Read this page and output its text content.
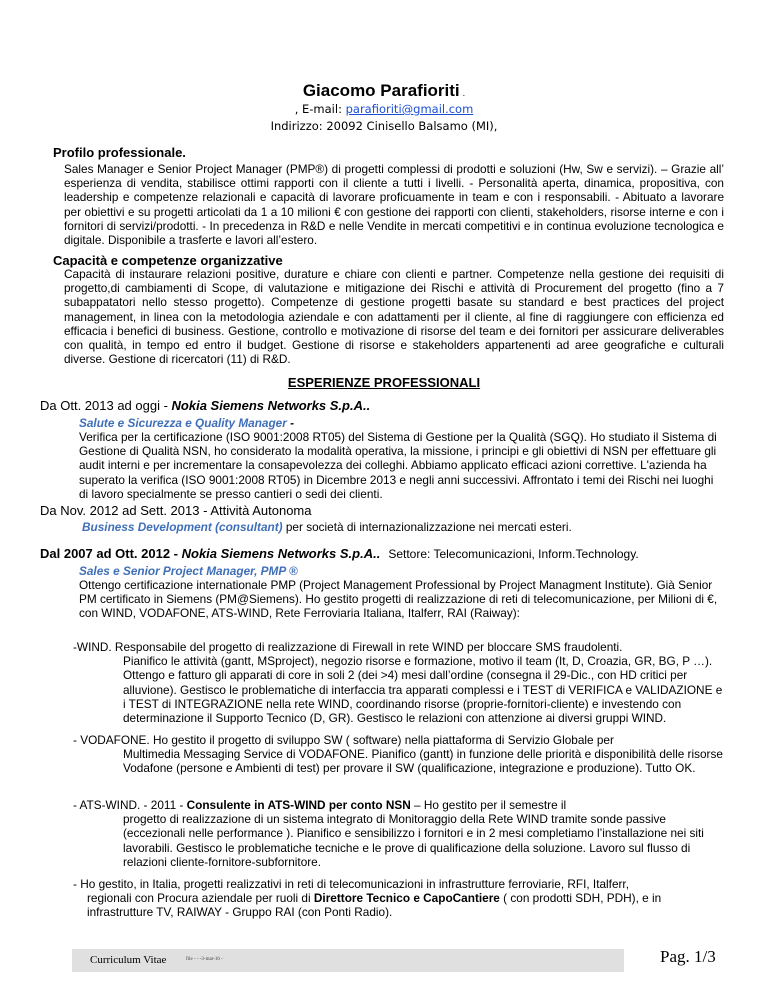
Giacomo Parafioriti .
, E-mail: parafioriti@gmail.com
Indirizzo: 20092 Cinisello Balsamo (MI),
Profilo professionale.
Sales Manager e Senior Project Manager (PMP®) di progetti complessi di prodotti e soluzioni (Hw, Sw e servizi). – Grazie all’ esperienza di vendita, stabilisce ottimi rapporti con il cliente a tutti i livelli. - Personalità aperta, dinamica, propositiva, con leadership e competenze relazionali e capacità di lavorare proficuamente in team e con i responsabili. - Abituato a lavorare per obiettivi e su progetti articolati da 1 a 10 milioni € con gestione dei rapporti con clienti, stakeholders, risorse interne e con i fornitori di servizi/prodotti. - In precedenza in R&D e nelle Vendite in mercati competitivi e in continua evoluzione tecnologica e digitale. Disponibile a trasferte e lavori all’estero.
Capacità e competenze organizzative
Capacità di instaurare relazioni positive, durature e chiare con clienti e partner. Competenze nella gestione dei requisiti di progetto,di cambiamenti di Scope, di valutazione e mitigazione dei Rischi e attività di Procurement del progetto (fino a 7 subappatatori nello stesso progetto). Competenze di gestione progetti basate su standard e best practices del project management, in linea con la metodologia aziendale e con adattamenti per il cliente, al fine di raggiungere con efficienza ed efficacia i benefici di business. Gestione, controllo e motivazione di risorse del team e dei fornitori per assicurare deliverables con qualità, in tempo ed entro il budget. Gestione di risorse e stakeholders appartenenti ad aree geografiche e culturali diverse. Gestione di ricercatori (11) di R&D.
ESPERIENZE PROFESSIONALI
Da Ott. 2013 ad oggi - Nokia Siemens Networks S.p.A..
Salute e Sicurezza e Quality Manager -
Verifica per la certificazione (ISO 9001:2008 RT05) del Sistema di Gestione per la Qualità (SGQ). Ho studiato il Sistema di Gestione di Qualità NSN, ho considerato la modalità operativa, la missione, i principi e gli obiettivi di NSN per effettuare gli audit interni e per incrementare la consapevolezza dei colleghi. Abbiamo applicato efficaci azioni correttive. L'azienda ha superato la verifica (ISO 9001:2008 RT05) in Dicembre 2013 e negli anni successivi. Affrontato i temi dei Rischi nei luoghi di lavoro specialmente se presso cantieri o sedi dei clienti.
Da Nov. 2012 ad Sett. 2013 - Attività Autonoma
Business Development (consultant) per società di internazionalizzazione nei mercati esteri.
Dal 2007 ad Ott. 2012 - Nokia Siemens Networks S.p.A.. Settore: Telecomunicazioni, Inform.Technology.
Sales e Senior Project Manager, PMP ®
Ottengo certificazione internationale PMP (Project Management Professional by Project Managment Institute). Già Senior PM certificato in Siemens (PM@Siemens). Ho gestito progetti di realizzazione di reti di telecomunicazione, per Milioni di €, con WIND, VODAFONE, ATS-WIND, Rete Ferroviaria Italiana, Italferr, RAI (Raiway):
-WIND. Responsabile del progetto di realizzazione di Firewall in rete WIND per bloccare SMS fraudolenti.
Pianifico le attività (gantt, MSproject), negozio risorse e formazione, motivo il team (It, D, Croazia, GR, BG, P …). Ottengo e fatturo gli apparati di core in soli 2 (dei >4) mesi dall’ordine (consegna il 29-Dic., con HD critici per alluvione). Gestisco le problematiche di interfaccia tra apparati complessi e i TEST di VERIFICA e VALIDAZIONE e i TEST di INTEGRAZIONE nella rete WIND, coordinando risorse (proprie-fornitori-cliente) e investendo con determinazione il Supporto Tecnico (D, GR). Gestisco le relazioni con attenzione ai diversi gruppi WIND.
- VODAFONE. Ho gestito il progetto di sviluppo SW ( software) nella piattaforma di Servizio Globale per
Multimedia Messaging Service di VODAFONE. Pianifico (gantt) in funzione delle priorità e disponibilità delle risorse Vodafone (persone e Ambienti di test) per provare il SW (qualificazione, integrazione e produzione). Tutto OK.
- ATS-WIND. - 2011 - Consulente in ATS-WIND per conto NSN – Ho gestito per il semestre il
progetto di realizzazione di un sistema integrato di Monitoraggio della Rete WIND tramite sonde passive (eccezionali nelle performance ). Pianifico e sensibilizzo i fornitori e in 2 mesi completiamo l’installazione nei siti lavorabili. Gestisco le problematiche tecniche e le prove di qualificazione della soluzione. Lavoro sul flusso di relazioni cliente-fornitore-subfornitore.
- Ho gestito, in Italia, progetti realizzativi in reti di telecomunicazioni in infrastrutture ferroviarie, RFI, Italferr,
regionali con Procura aziendale per ruoli di Direttore Tecnico e CapoCantiere ( con prodotti SDH, PDH), e in infrastrutture TV, RAIWAY - Gruppo RAI (con Ponti Radio).
Curriculum Vitae	file - - -3-mar-16 -	Pag. 1/3
